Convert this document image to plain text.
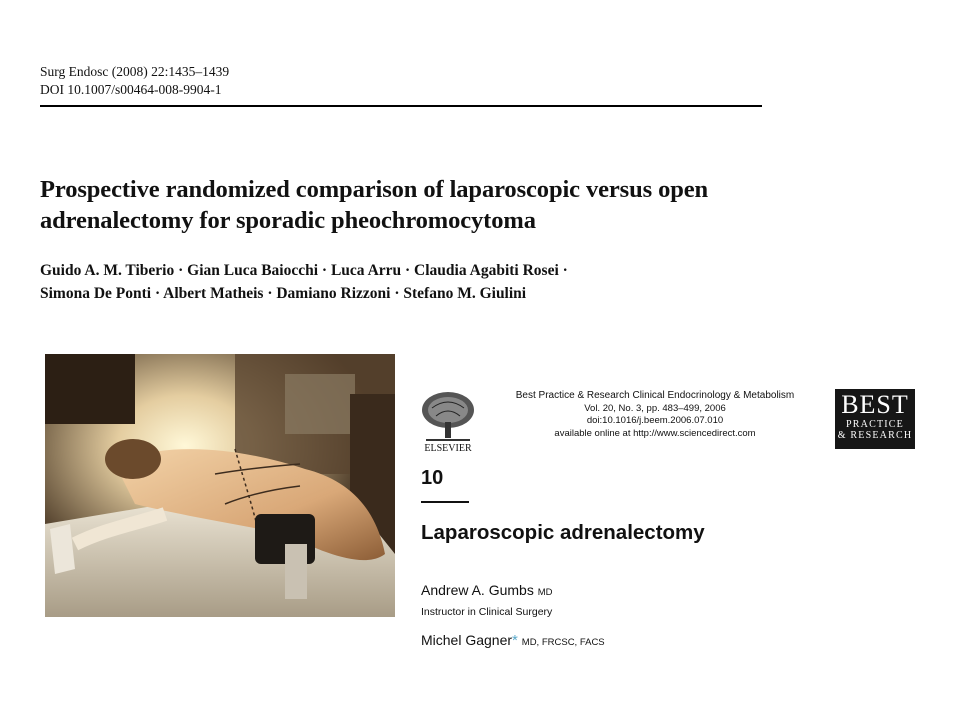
Surg Endosc (2008) 22:1435–1439
DOI 10.1007/s00464-008-9904-1
Prospective randomized comparison of laparoscopic versus open
adrenalectomy for sporadic pheochromocytoma
Guido A. M. Tiberio · Gian Luca Baiocchi · Luca Arru · Claudia Agabiti Rosei ·
Simona De Ponti · Albert Matheis · Damiano Rizzoni · Stefano M. Giulini
ELSEVIER
Best Practice & Research Clinical Endocrinology & Metabolism
Vol. 20, No. 3, pp. 483–499, 2006
doi:10.1016/j.beem.2006.07.010
available online at http://www.sciencedirect.com
BEST
PRACTICE
& RESEARCH
10
Laparoscopic adrenalectomy
Andrew A. Gumbs MD
Instructor in Clinical Surgery
Michel Gagner* MD, FRCSC, FACS
